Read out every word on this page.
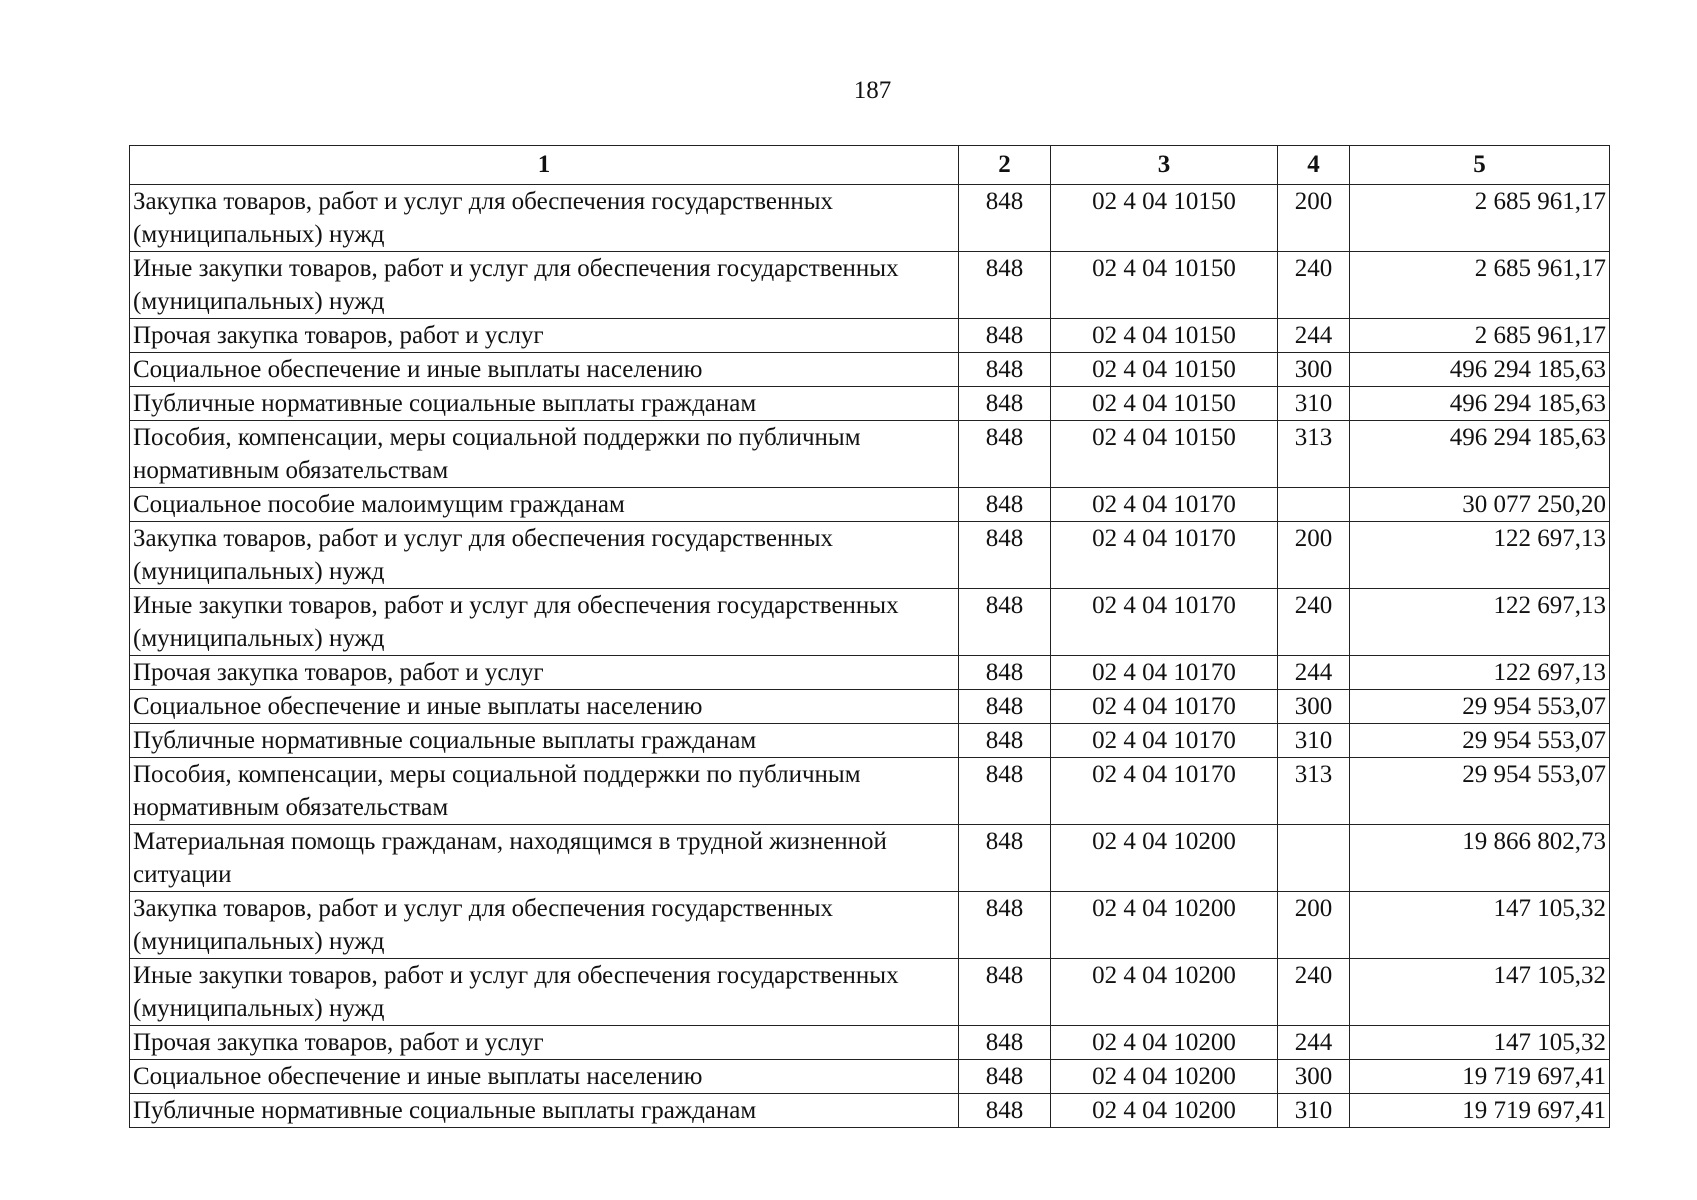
187
1	2	3	4	5
Закупка товаров, работ и услуг для обеспечения государственных (муниципальных) нужд	848	02 4 04 10150	200	2 685 961,17
Иные закупки товаров, работ и услуг для обеспечения государственных (муниципальных) нужд	848	02 4 04 10150	240	2 685 961,17
Прочая закупка товаров, работ и услуг	848	02 4 04 10150	244	2 685 961,17
Социальное обеспечение и иные выплаты населению	848	02 4 04 10150	300	496 294 185,63
Публичные нормативные социальные выплаты гражданам	848	02 4 04 10150	310	496 294 185,63
Пособия, компенсации, меры социальной поддержки по публичным нормативным обязательствам	848	02 4 04 10150	313	496 294 185,63
Социальное пособие малоимущим гражданам	848	02 4 04 10170		30 077 250,20
Закупка товаров, работ и услуг для обеспечения государственных (муниципальных) нужд	848	02 4 04 10170	200	122 697,13
Иные закупки товаров, работ и услуг для обеспечения государственных (муниципальных) нужд	848	02 4 04 10170	240	122 697,13
Прочая закупка товаров, работ и услуг	848	02 4 04 10170	244	122 697,13
Социальное обеспечение и иные выплаты населению	848	02 4 04 10170	300	29 954 553,07
Публичные нормативные социальные выплаты гражданам	848	02 4 04 10170	310	29 954 553,07
Пособия, компенсации, меры социальной поддержки по публичным нормативным обязательствам	848	02 4 04 10170	313	29 954 553,07
Материальная помощь гражданам, находящимся в трудной жизненной ситуации	848	02 4 04 10200		19 866 802,73
Закупка товаров, работ и услуг для обеспечения государственных (муниципальных) нужд	848	02 4 04 10200	200	147 105,32
Иные закупки товаров, работ и услуг для обеспечения государственных (муниципальных) нужд	848	02 4 04 10200	240	147 105,32
Прочая закупка товаров, работ и услуг	848	02 4 04 10200	244	147 105,32
Социальное обеспечение и иные выплаты населению	848	02 4 04 10200	300	19 719 697,41
Публичные нормативные социальные выплаты гражданам	848	02 4 04 10200	310	19 719 697,41
